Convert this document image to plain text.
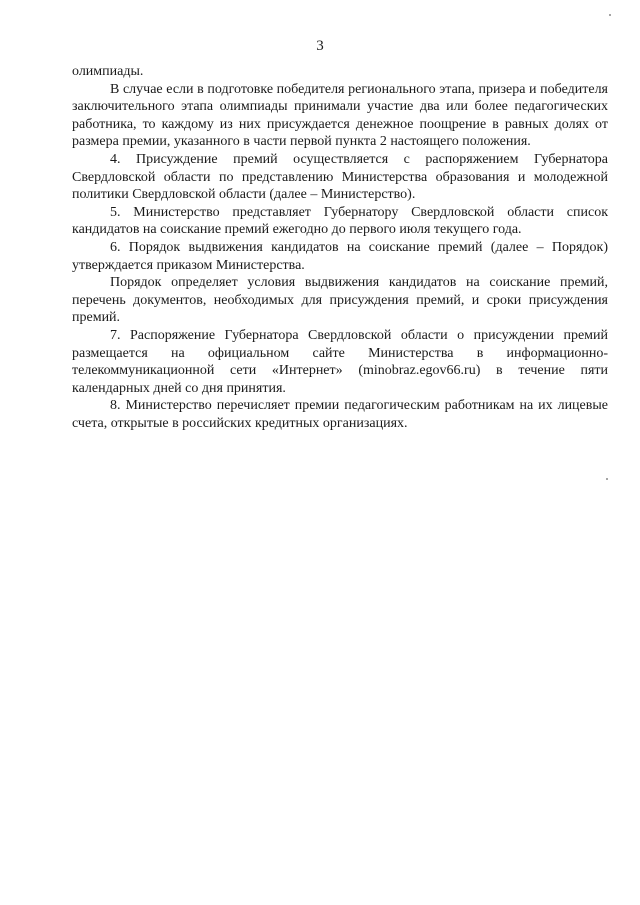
3

олимпиады.

В случае если в подготовке победителя регионального этапа, призера и победителя заключительного этапа олимпиады принимали участие два или более педагогических работника, то каждому из них присуждается денежное поощрение в равных долях от размера премии, указанного в части первой пункта 2 настоящего положения.

4. Присуждение премий осуществляется с распоряжением Губернатора Свердловской области по представлению Министерства образования и молодежной политики Свердловской области (далее – Министерство).

5. Министерство представляет Губернатору Свердловской области список кандидатов на соискание премий ежегодно до первого июля текущего года.

6. Порядок выдвижения кандидатов на соискание премий (далее – Порядок) утверждается приказом Министерства.

Порядок определяет условия выдвижения кандидатов на соискание премий, перечень документов, необходимых для присуждения премий, и сроки присуждения премий.

7. Распоряжение Губернатора Свердловской области о присуждении премий размещается на официальном сайте Министерства в информационно-телекоммуникационной сети «Интернет» (minobraz.egov66.ru) в течение пяти календарных дней со дня принятия.

8. Министерство перечисляет премии педагогическим работникам на их лицевые счета, открытые в российских кредитных организациях.
